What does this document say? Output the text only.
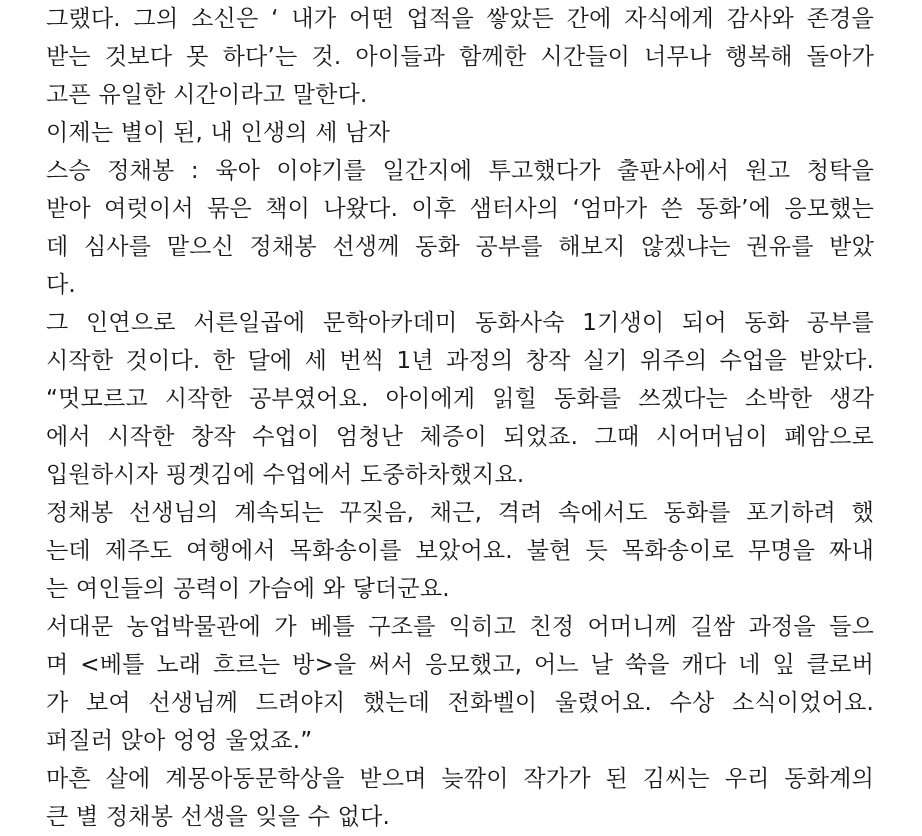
그랬다. 그의 소신은 ‘ 내가 어떤 업적을 쌓았든 간에 자식에게 감사와 존경을
받는 것보다 못 하다’는 것. 아이들과 함께한 시간들이 너무나 행복해 돌아가
고픈 유일한 시간이라고 말한다.
이제는 별이 된, 내 인생의 세 남자
스승 정채봉 : 육아 이야기를 일간지에 투고했다가 출판사에서 원고 청탁을
받아 여럿이서 묶은 책이 나왔다. 이후 샘터사의 ‘엄마가 쓴 동화’에 응모했는
데 심사를 맡으신 정채봉 선생께 동화 공부를 해보지 않겠냐는 권유를 받았
다.
그 인연으로 서른일곱에 문학아카데미 동화사숙 1기생이 되어 동화 공부를
시작한 것이다. 한 달에 세 번씩 1년 과정의 창작 실기 위주의 수업을 받았다.
“멋모르고 시작한 공부였어요. 아이에게 읽힐 동화를 쓰겠다는 소박한 생각
에서 시작한 창작 수업이 엄청난 체증이 되었죠. 그때 시어머님이 폐암으로
입원하시자 핑곗김에 수업에서 도중하차했지요.
정채봉 선생님의 계속되는 꾸짖음, 채근, 격려 속에서도 동화를 포기하려 했
는데 제주도 여행에서 목화송이를 보았어요. 불현 듯 목화송이로 무명을 짜내
는 여인들의 공력이 가슴에 와 닿더군요.
서대문 농업박물관에 가 베틀 구조를 익히고 친정 어머니께 길쌈 과정을 들으
며 <베틀 노래 흐르는 방>을 써서 응모했고, 어느 날 쑥을 캐다 네 잎 클로버
가 보여 선생님께 드려야지 했는데 전화벨이 울렸어요. 수상 소식이었어요.
퍼질러 앉아 엉엉 울었죠.”
마흔 살에 계몽아동문학상을 받으며 늦깎이 작가가 된 김씨는 우리 동화계의
큰 별 정채봉 선생을 잊을 수 없다.
